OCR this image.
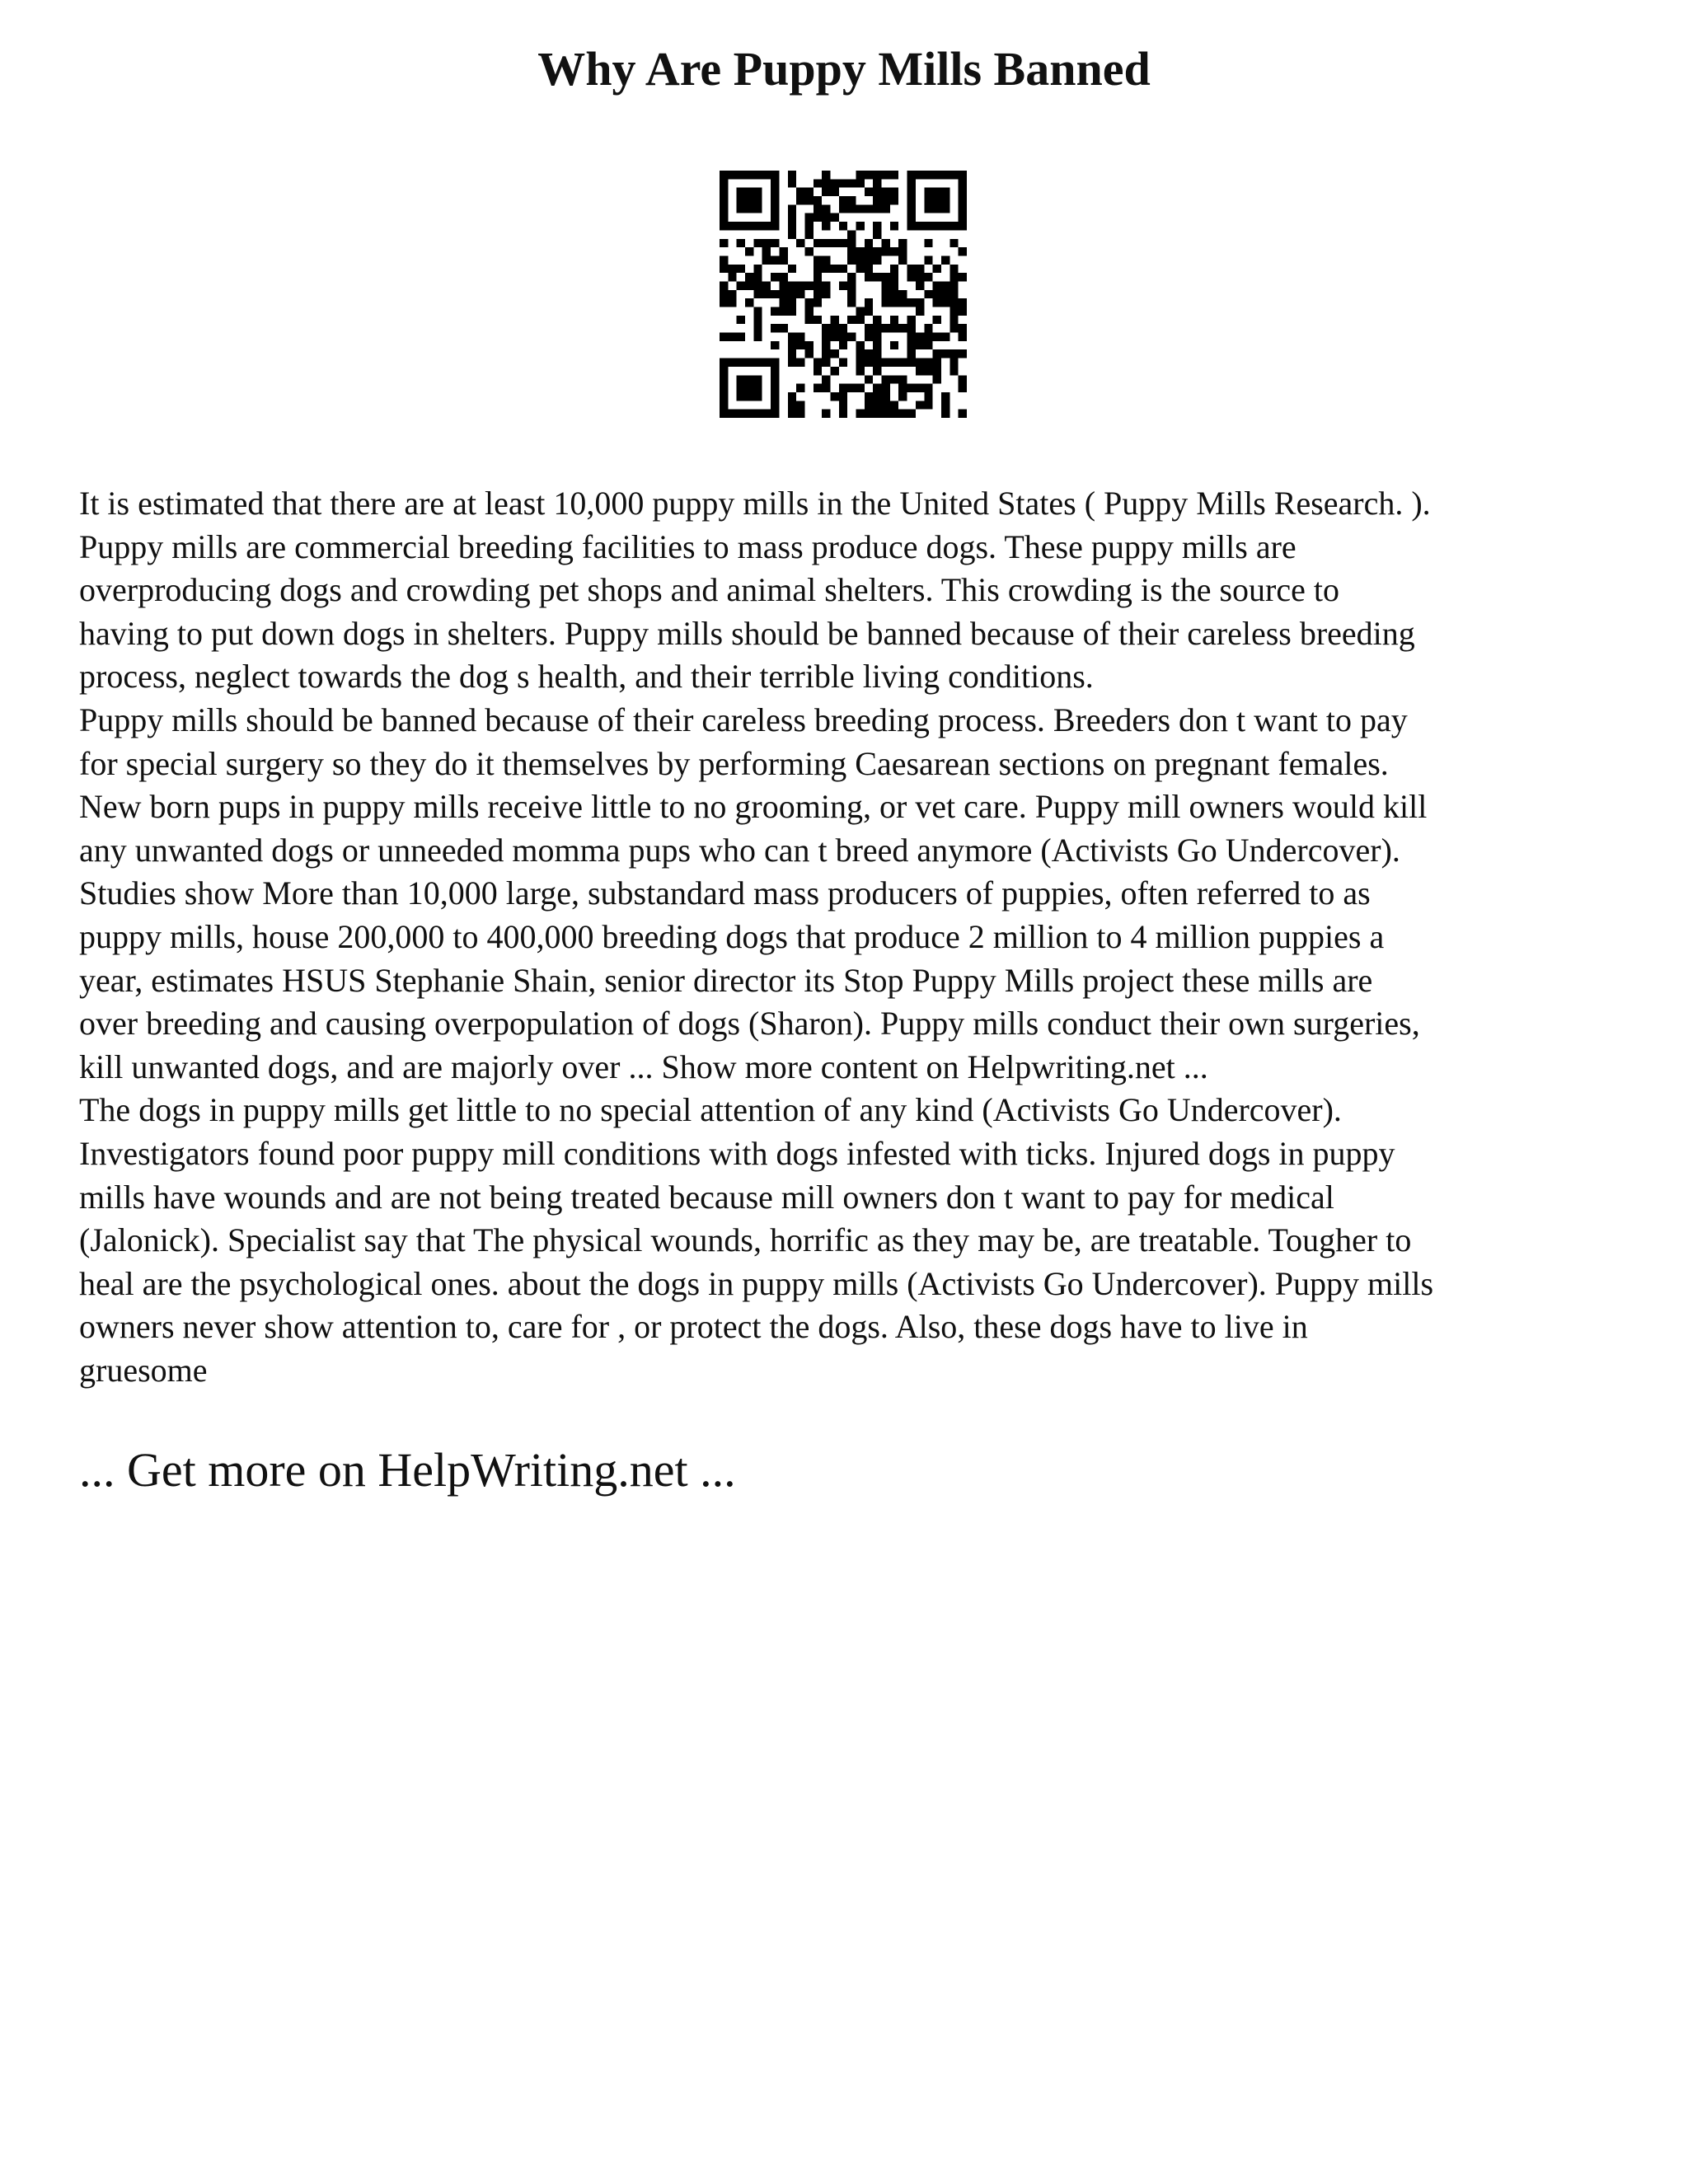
Why Are Puppy Mills Banned

It is estimated that there are at least 10,000 puppy mills in the United States ( Puppy Mills Research. ).
Puppy mills are commercial breeding facilities to mass produce dogs. These puppy mills are
overproducing dogs and crowding pet shops and animal shelters. This crowding is the source to
having to put down dogs in shelters. Puppy mills should be banned because of their careless breeding
process, neglect towards the dog s health, and their terrible living conditions.
Puppy mills should be banned because of their careless breeding process. Breeders don t want to pay
for special surgery so they do it themselves by performing Caesarean sections on pregnant females.
New born pups in puppy mills receive little to no grooming, or vet care. Puppy mill owners would kill
any unwanted dogs or unneeded momma pups who can t breed anymore (Activists Go Undercover).
Studies show More than 10,000 large, substandard mass producers of puppies, often referred to as
puppy mills, house 200,000 to 400,000 breeding dogs that produce 2 million to 4 million puppies a
year, estimates HSUS Stephanie Shain, senior director its Stop Puppy Mills project these mills are
over breeding and causing overpopulation of dogs (Sharon). Puppy mills conduct their own surgeries,
kill unwanted dogs, and are majorly over ... Show more content on Helpwriting.net ...
The dogs in puppy mills get little to no special attention of any kind (Activists Go Undercover).
Investigators found poor puppy mill conditions with dogs infested with ticks. Injured dogs in puppy
mills have wounds and are not being treated because mill owners don t want to pay for medical
(Jalonick). Specialist say that The physical wounds, horrific as they may be, are treatable. Tougher to
heal are the psychological ones. about the dogs in puppy mills (Activists Go Undercover). Puppy mills
owners never show attention to, care for , or protect the dogs. Also, these dogs have to live in
gruesome

... Get more on HelpWriting.net ...
